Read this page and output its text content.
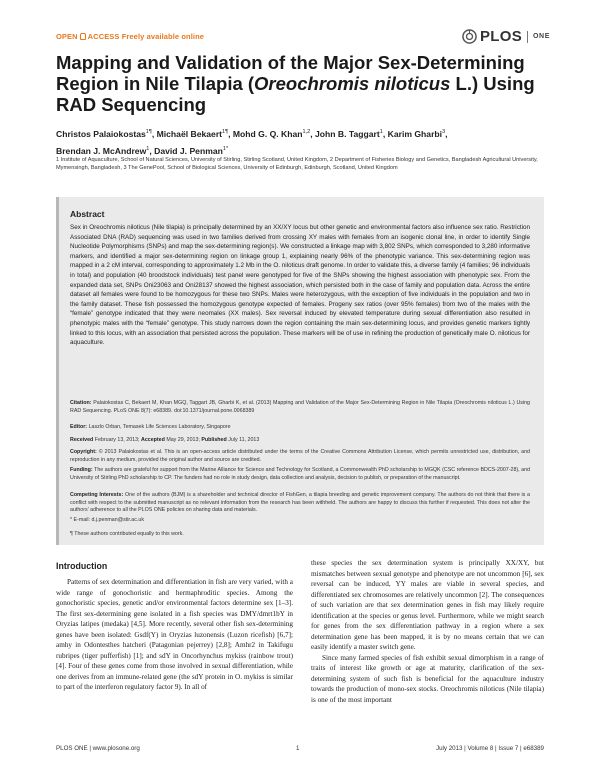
OPEN ACCESS Freely available online	PLOS ONE
Mapping and Validation of the Major Sex-Determining Region in Nile Tilapia (Oreochromis niloticus L.) Using RAD Sequencing
Christos Palaiokostas$^{1\P}$, Michaël Bekaert$^{1\P}$, Mohd G. Q. Khan$^{1,2}$, John B. Taggart$^1$, Karim Gharbi$^3$,
Brendan J. McAndrew$^1$, David J. Penman$^{1*}$
1 Institute of Aquaculture, School of Natural Sciences, University of Stirling, Stirling Scotland, United Kingdom, 2 Department of Fisheries Biology and Genetics, Bangladesh Agricultural University, Mymensingh, Bangladesh, 3 The GenePool, School of Biological Sciences, University of Edinburgh, Edinburgh, Scotland, United Kingdom
Abstract
Sex in Oreochromis niloticus (Nile tilapia) is principally determined by an XX/XY locus but other genetic and environmental factors also influence sex ratio. Restriction Associated DNA (RAD) sequencing was used in two families derived from crossing XY males with females from an isogenic clonal line, in order to identify Single Nucleotide Polymorphisms (SNPs) and map the sex-determining region(s). We constructed a linkage map with 3,802 SNPs, which corresponded to 3,280 informative markers, and identified a major sex-determining region on linkage group 1, explaining nearly 96% of the phenotypic variance. This sex-determining region was mapped in a 2 cM interval, corresponding to approximately 1.2 Mb in the O. niloticus draft genome. In order to validate this, a diverse family (4 families; 96 individuals in total) and population (40 broodstock individuals) test panel were genotyped for five of the SNPs showing the highest association with phenotypic sex. From the expanded data set, SNPs Oni23063 and Oni28137 showed the highest association, which persisted both in the case of family and population data. Across the entire dataset all females were found to be homozygous for these two SNPs. Males were heterozygous, with the exception of five individuals in the population and two in the family dataset. These fish possessed the homozygous genotype expected of females. Progeny sex ratios (over 95% females) from two of the males with the “female” genotype indicated that they were neomales (XX males). Sex reversal induced by elevated temperature during sexual differentiation also resulted in phenotypic males with the “female” genotype. This study narrows down the region containing the main sex-determining locus, and provides genetic markers tightly linked to this locus, with an association that persisted across the population. These markers will be of use in refining the production of genetically male O. niloticus for aquaculture.
Citation: Palaiokostas C, Bekaert M, Khan MGQ, Taggart JB, Gharbi K, et al. (2013) Mapping and Validation of the Major Sex-Determining Region in Nile Tilapia (Oreochromis niloticus L.) Using RAD Sequencing. PLoS ONE 8(7): e68389. doi:10.1371/journal.pone.0068389
Editor: Laszlo Orban, Temasek Life Sciences Laboratory, Singapore
Received February 13, 2013; Accepted May 29, 2013; Published July 11, 2013
Copyright: © 2013 Palaiokostas et al. This is an open-access article distributed under the terms of the Creative Commons Attribution License, which permits unrestricted use, distribution, and reproduction in any medium, provided the original author and source are credited.
Funding: The authors are grateful for support from the Marine Alliance for Science and Technology for Scotland, a Commonwealth PhD scholarship to MGQK (CSC reference BDCS-2007-28), and University of Stirling PhD scholarship to CP. The funders had no role in study design, data collection and analysis, decision to publish, or preparation of the manuscript.
Competing Interests: One of the authors (BJM) is a shareholder and technical director of FishGen, a tilapia breeding and genetic improvement company. The authors do not think that there is a conflict with respect to the submitted manuscript as no relevant information from the research has been withheld. The authors are happy to discuss this further if requested. This does not alter the authors’ adherence to all the PLOS ONE policies on sharing data and materials.
* E-mail: d.j.penman@stir.ac.uk
¶ These authors contributed equally to this work.
Introduction
Patterns of sex determination and differentiation in fish are very varied, with a wide range of gonochoristic and hermaphroditic species. Among the gonochoristic species, genetic and/or environmental factors determine sex [1–3]. The first sex-determining gene isolated in a fish species was DMY/dmrt1bY in Oryzias latipes (medaka) [4,5]. More recently, several other fish sex-determining genes have been isolated: Gsdf(Y) in Oryzias luzonensis (Luzon ricefish) [6,7]; amhy in Odontesthes hatcheri (Patagonian pejerrey) [2,8]; Amhr2 in Takifugu rubripes (tiger pufferfish) [1]; and sdY in Oncorhynchus mykiss (rainbow trout) [4]. Four of these genes come from those involved in sexual differentiation, while one derives from an immune-related gene (the sdY protein in O. mykiss is similar to part of the interferon regulatory factor 9). In all of

these species the sex determination system is principally XX/XY, but mismatches between sexual genotype and phenotype are not uncommon [6], sex reversal can be induced, YY males are viable in several species, and differentiated sex chromosomes are relatively uncommon [2]. The consequences of such variation are that sex determination genes in fish may likely require identification at the species or genus level. Furthermore, while we might search for genes from the sex differentiation pathway in a region where a sex determination gene has been mapped, it is by no means certain that we can easily identify a master switch gene.

Since many farmed species of fish exhibit sexual dimorphism in a range of traits of interest like growth or age at maturity, clarification of the sex-determining system of such fish is beneficial for the aquaculture industry towards the production of mono-sex stocks. Oreochromis niloticus (Nile tilapia) is one of the most important

PLOS ONE | www.plosone.org	1	July 2013 | Volume 8 | Issue 7 | e68389
